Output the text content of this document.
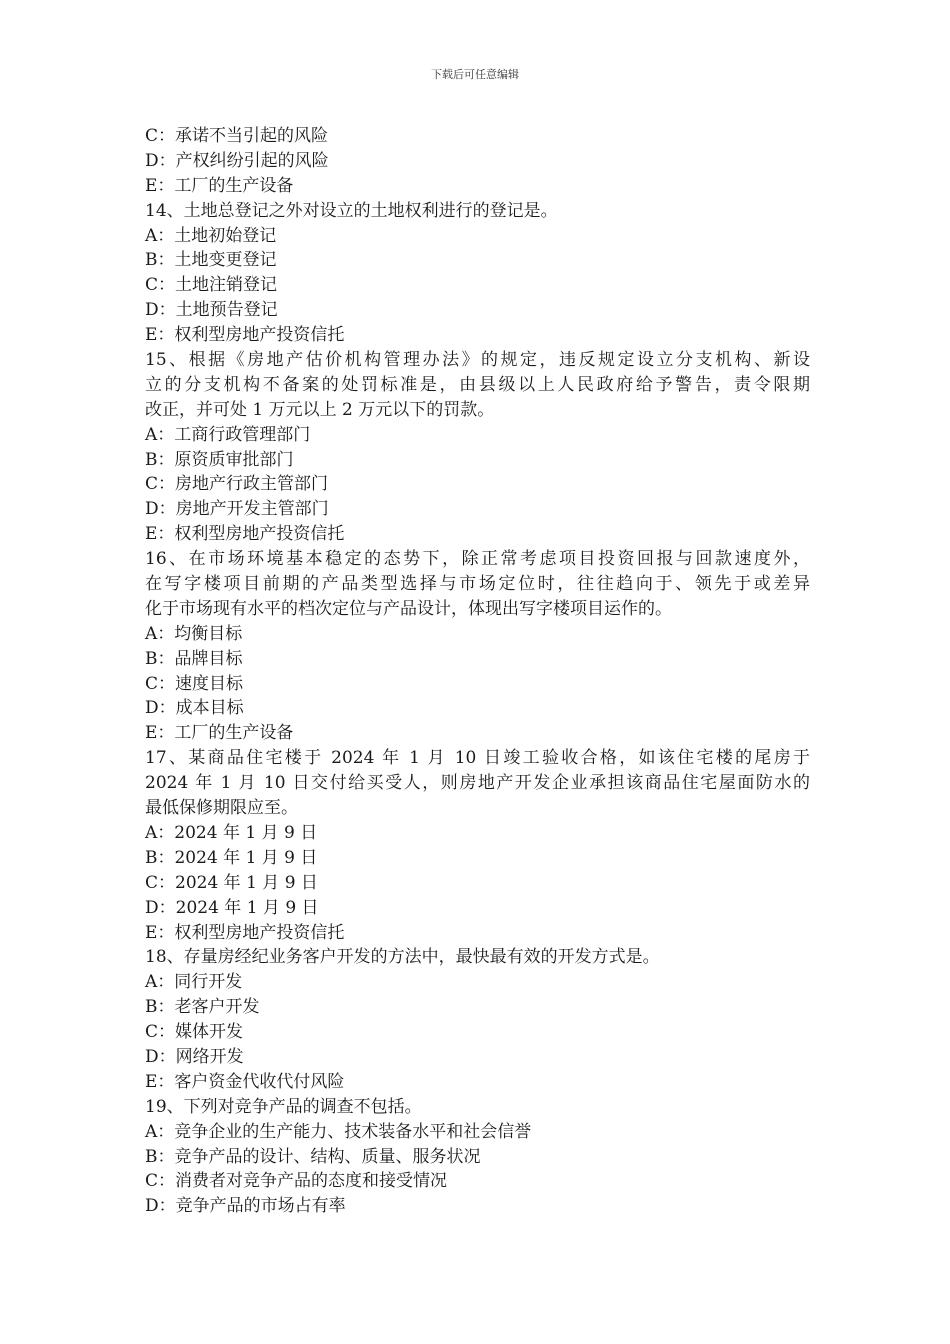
下载后可任意编辑
C：承诺不当引起的风险
D：产权纠纷引起的风险
E：工厂的生产设备
14、土地总登记之外对设立的土地权利进行的登记是。
A：土地初始登记
B：土地变更登记
C：土地注销登记
D：土地预告登记
E：权利型房地产投资信托
15、根据《房地产估价机构管理办法》的规定，违反规定设立分支机构、新设
立的分支机构不备案的处罚标准是，由县级以上人民政府给予警告，责令限期
改正，并可处 1 万元以上 2 万元以下的罚款。
A：工商行政管理部门
B：原资质审批部门
C：房地产行政主管部门
D：房地产开发主管部门
E：权利型房地产投资信托
16、在市场环境基本稳定的态势下，除正常考虑项目投资回报与回款速度外，
在写字楼项目前期的产品类型选择与市场定位时，往往趋向于、领先于或差异
化于市场现有水平的档次定位与产品设计，体现出写字楼项目运作的。
A：均衡目标
B：品牌目标
C：速度目标
D：成本目标
E：工厂的生产设备
17、某商品住宅楼于 2024 年 1 月 10 日竣工验收合格，如该住宅楼的尾房于
2024 年 1 月 10 日交付给买受人，则房地产开发企业承担该商品住宅屋面防水的
最低保修期限应至。
A：2024 年 1 月 9 日
B：2024 年 1 月 9 日
C：2024 年 1 月 9 日
D：2024 年 1 月 9 日
E：权利型房地产投资信托
18、存量房经纪业务客户开发的方法中，最快最有效的开发方式是。
A：同行开发
B：老客户开发
C：媒体开发
D：网络开发
E：客户资金代收代付风险
19、下列对竞争产品的调查不包括。
A：竞争企业的生产能力、技术装备水平和社会信誉
B：竞争产品的设计、结构、质量、服务状况
C：消费者对竞争产品的态度和接受情况
D：竞争产品的市场占有率
